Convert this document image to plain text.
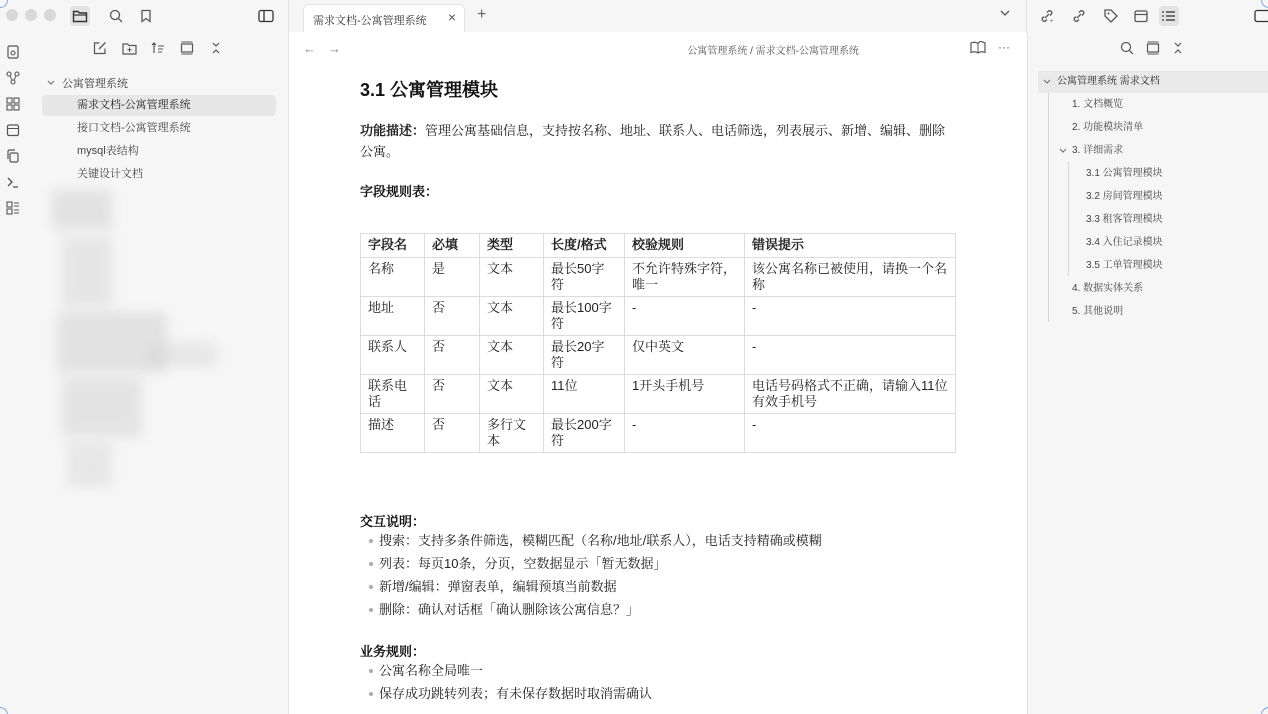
需求文档-公寓管理系统 × +	+
公寓管理系统
需求文档-公寓管理系统
接口文档-公寓管理系统
mysql表结构
关键设计文档
← →	公寓管理系统 / 需求文档-公寓管理系统	···
3.1 公寓管理模块
功能描述：管理公寓基础信息，支持按名称、地址、联系人、电话筛选，列表展示、新增、编辑、删除公寓。
字段规则表：
字段名	必填	类型	长度/格式	校验规则	错误提示
名称	是	文本	最长50字符	不允许特殊字符，唯一	该公寓名称已被使用，请换一个名称
地址	否	文本	最长100字符	-	-
联系人	否	文本	最长20字符	仅中英文	-
联系电话	否	文本	11位	1开头手机号	电话号码格式不正确，请输入11位有效手机号
描述	否	多行文本	最长200字符	-	-
交互说明：
搜索：支持多条件筛选，模糊匹配（名称/地址/联系人），电话支持精确或模糊
列表：每页10条，分页，空数据显示「暂无数据」
新增/编辑：弹窗表单，编辑预填当前数据
删除：确认对话框「确认删除该公寓信息？」
业务规则：
公寓名称全局唯一
保存成功跳转列表；有未保存数据时取消需确认
公寓管理系统 需求文档
1. 文档概览
2. 功能模块清单
3. 详细需求
3.1 公寓管理模块
3.2 房间管理模块
3.3 租客管理模块
3.4 入住记录模块
3.5 工单管理模块
4. 数据实体关系
5. 其他说明
